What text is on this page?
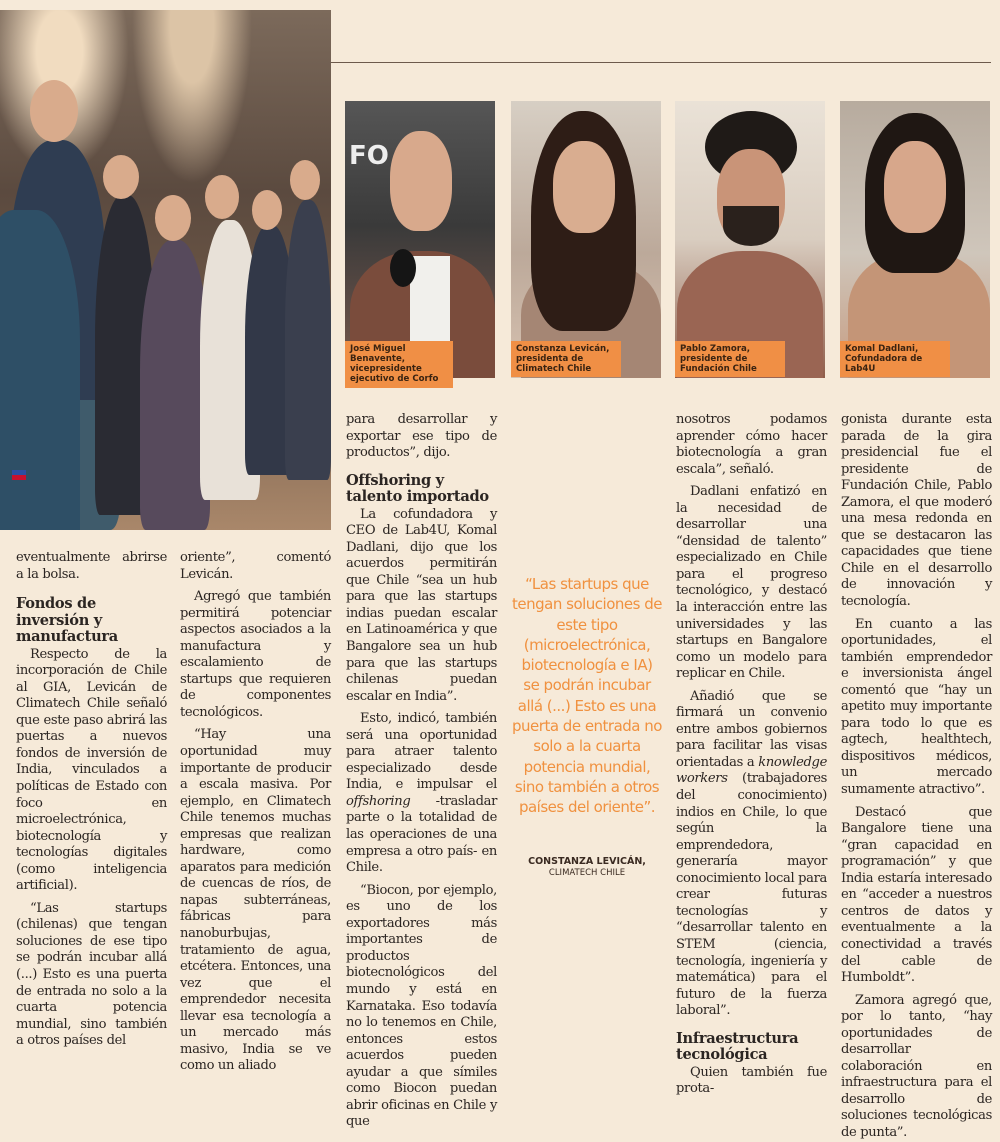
FO
José Miguel Benavente, vicepresidente ejecutivo de Corfo
Constanza Levicán, presidenta de Climatech Chile
Pablo Zamora, presidente de Fundación Chile
Komal Dadlani, Cofundadora de Lab4U

eventualmente abrirse a la bolsa.

Fondos de inversión y manufactura

Respecto de la incorporación de Chile al GIA, Levicán de Climatech Chile señaló que este paso abrirá las puertas a nuevos fondos de inversión de India, vinculados a políticas de Estado con foco en microelectrónica, biotecnología y tecnologías digitales (como inteligencia artificial).

“Las startups (chilenas) que tengan soluciones de ese tipo se podrán incubar allá (...) Esto es una puerta de entrada no solo a la cuarta potencia mundial, sino también a otros países del

oriente”, comentó Levicán.

Agregó que también permitirá potenciar aspectos asociados a la manufactura y escalamiento de startups que requieren de componentes tecnológicos.

“Hay una oportunidad muy importante de producir a escala masiva. Por ejemplo, en Climatech Chile tenemos muchas empresas que realizan hardware, como aparatos para medición de cuencas de ríos, de napas subterráneas, fábricas para nanoburbujas, tratamiento de agua, etcétera. Entonces, una vez que el emprendedor necesita llevar esa tecnología a un mercado más masivo, India se ve como un aliado

para desarrollar y exportar ese tipo de productos”, dijo.

Offshoring y talento importado

La cofundadora y CEO de Lab4U, Komal Dadlani, dijo que los acuerdos permitirán que Chile “sea un hub para que las startups indias puedan escalar en Latinoamérica y que Bangalore sea un hub para que las startups chilenas puedan escalar en India”.

Esto, indicó, también será una oportunidad para atraer talento especializado desde India, e impulsar el offshoring -trasladar parte o la totalidad de las operaciones de una empresa a otro país- en Chile.

“Biocon, por ejemplo, es uno de los exportadores más importantes de productos biotecnológicos del mundo y está en Karnataka. Eso todavía no lo tenemos en Chile, entonces estos acuerdos pueden ayudar a que símiles como Biocon puedan abrir oficinas en Chile y que

“Las startups que tengan soluciones de este tipo (microelectrónica, biotecnología e IA) se podrán incubar allá (...) Esto es una puerta de entrada no solo a la cuarta potencia mundial, sino también a otros países del oriente”.
CONSTANZA LEVICÁN,
CLIMATECH CHILE

nosotros podamos aprender cómo hacer biotecnología a gran escala”, señaló.

Dadlani enfatizó en la necesidad de desarrollar una “densidad de talento” especializado en Chile para el progreso tecnológico, y destacó la interacción entre las universidades y las startups en Bangalore como un modelo para replicar en Chile.

Añadió que se firmará un convenio entre ambos gobiernos para facilitar las visas orientadas a knowledge workers (trabajadores del conocimiento) indios en Chile, lo que según la emprendedora, generaría mayor conocimiento local para crear futuras tecnologías y “desarrollar talento en STEM (ciencia, tecnología, ingeniería y matemática) para el futuro de la fuerza laboral”.

Infraestructura tecnológica

Quien también fue prota-

gonista durante esta parada de la gira presidencial fue el presidente de Fundación Chile, Pablo Zamora, el que moderó una mesa redonda en que se destacaron las capacidades que tiene Chile en el desarrollo de innovación y tecnología.

En cuanto a las oportunidades, el también emprendedor e inversionista ángel comentó que “hay un apetito muy importante para todo lo que es agtech, healthtech, dispositivos médicos, un mercado sumamente atractivo”.

Destacó que Bangalore tiene una “gran capacidad en programación” y que India estaría interesado en “acceder a nuestros centros de datos y eventualmente a la conectividad a través del cable de Humboldt”.

Zamora agregó que, por lo tanto, “hay oportunidades de desarrollar colaboración en infraestructura para el desarrollo de soluciones tecnológicas de punta”.
